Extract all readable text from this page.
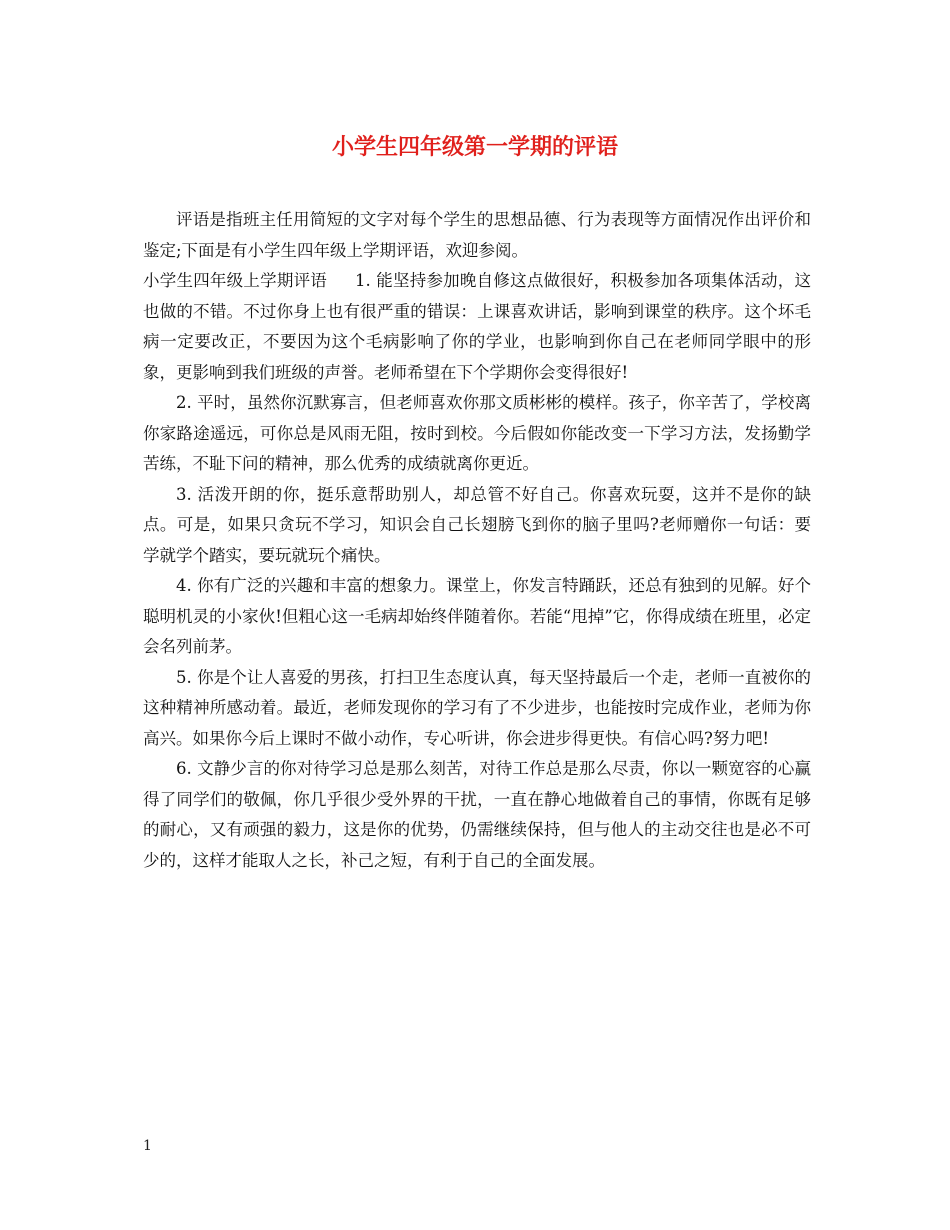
小学生四年级第一学期的评语

评语是指班主任用简短的文字对每个学生的思想品德、行为表现等方面情况作出评价和鉴定;下面是有小学生四年级上学期评语，欢迎参阅。

小学生四年级上学期评语 1. 能坚持参加晚自修这点做很好，积极参加各项集体活动，这也做的不错。不过你身上也有很严重的错误：上课喜欢讲话，影响到课堂的秩序。这个坏毛病一定要改正，不要因为这个毛病影响了你的学业，也影响到你自己在老师同学眼中的形象，更影响到我们班级的声誉。老师希望在下个学期你会变得很好!

2. 平时，虽然你沉默寡言，但老师喜欢你那文质彬彬的模样。孩子，你辛苦了，学校离你家路途遥远，可你总是风雨无阻，按时到校。今后假如你能改变一下学习方法，发扬勤学苦练，不耻下问的精神，那么优秀的成绩就离你更近。

3. 活泼开朗的你，挺乐意帮助别人，却总管不好自己。你喜欢玩耍，这并不是你的缺点。可是，如果只贪玩不学习，知识会自己长翅膀飞到你的脑子里吗?老师赠你一句话：要学就学个踏实，要玩就玩个痛快。

4. 你有广泛的兴趣和丰富的想象力。课堂上，你发言特踊跃，还总有独到的见解。好个聪明机灵的小家伙!但粗心这一毛病却始终伴随着你。若能“甩掉”它，你得成绩在班里，必定会名列前茅。

5. 你是个让人喜爱的男孩，打扫卫生态度认真，每天坚持最后一个走，老师一直被你的这种精神所感动着。最近，老师发现你的学习有了不少进步，也能按时完成作业，老师为你高兴。如果你今后上课时不做小动作，专心听讲，你会进步得更快。有信心吗?努力吧!

6. 文静少言的你对待学习总是那么刻苦，对待工作总是那么尽责，你以一颗宽容的心赢得了同学们的敬佩，你几乎很少受外界的干扰，一直在静心地做着自己的事情，你既有足够的耐心，又有顽强的毅力，这是你的优势，仍需继续保持，但与他人的主动交往也是必不可少的，这样才能取人之长，补己之短，有利于自己的全面发展。

1
